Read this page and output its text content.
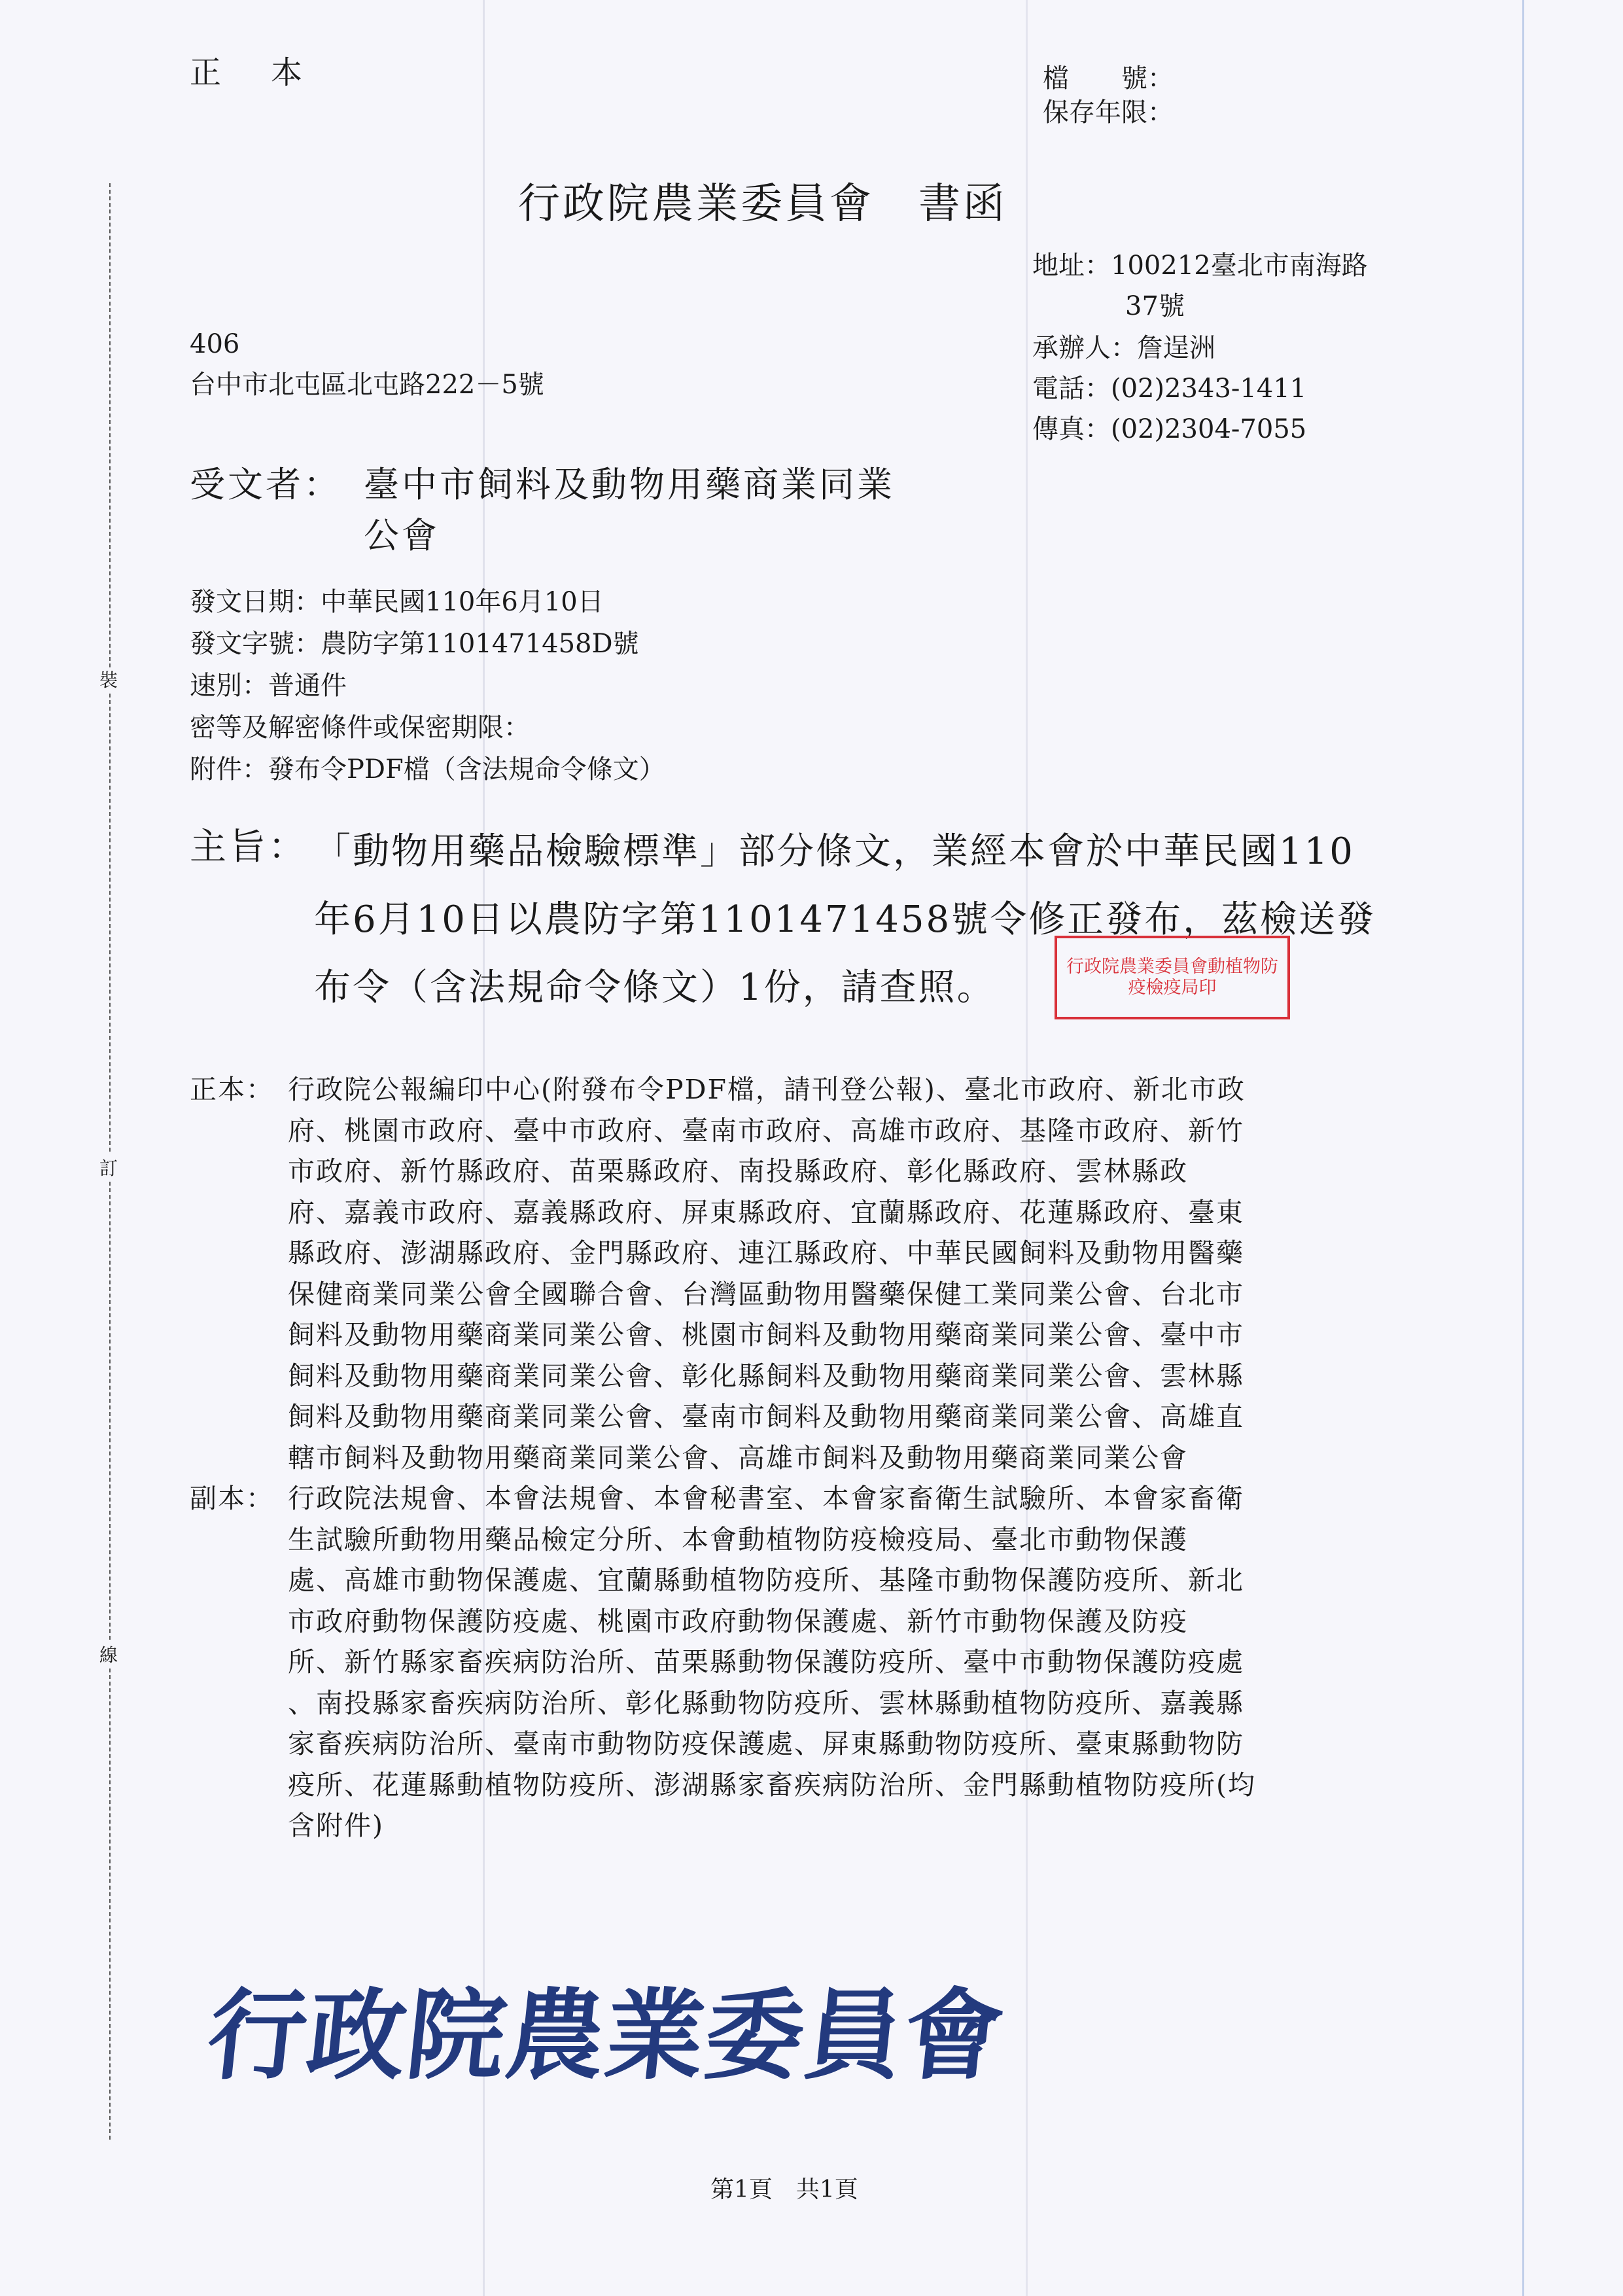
裝
訂
線
正　本	檔　　號：
保存年限：
行政院農業委員會　書函
地址：100212臺北市南海路
37號
承辦人：詹逞洲
電話：(02)2343-1411
傳真：(02)2304-7055
406
台中市北屯區北屯路222－5號
受文者： 臺中市飼料及動物用藥商業同業
公會
發文日期：中華民國110年6月10日
發文字號：農防字第1101471458D號
速別：普通件
密等及解密條件或保密期限：
附件：發布令PDF檔（含法規命令條文）
主旨： 「動物用藥品檢驗標準」部分條文，業經本會於中華民國110
年6月10日以農防字第1101471458號令修正發布，茲檢送發
布令（含法規命令條文）1份，請查照。	行政院農業委員會動植物防疫檢疫局印
正本： 行政院公報編印中心(附發布令PDF檔，請刊登公報)、臺北市政府、新北市政
府、桃園市政府、臺中市政府、臺南市政府、高雄市政府、基隆市政府、新竹
市政府、新竹縣政府、苗栗縣政府、南投縣政府、彰化縣政府、雲林縣政
府、嘉義市政府、嘉義縣政府、屏東縣政府、宜蘭縣政府、花蓮縣政府、臺東
縣政府、澎湖縣政府、金門縣政府、連江縣政府、中華民國飼料及動物用醫藥
保健商業同業公會全國聯合會、台灣區動物用醫藥保健工業同業公會、台北市
飼料及動物用藥商業同業公會、桃園市飼料及動物用藥商業同業公會、臺中市
飼料及動物用藥商業同業公會、彰化縣飼料及動物用藥商業同業公會、雲林縣
飼料及動物用藥商業同業公會、臺南市飼料及動物用藥商業同業公會、高雄直
轄市飼料及動物用藥商業同業公會、高雄市飼料及動物用藥商業同業公會
副本： 行政院法規會、本會法規會、本會秘書室、本會家畜衛生試驗所、本會家畜衛
生試驗所動物用藥品檢定分所、本會動植物防疫檢疫局、臺北市動物保護
處、高雄市動物保護處、宜蘭縣動植物防疫所、基隆市動物保護防疫所、新北
市政府動物保護防疫處、桃園市政府動物保護處、新竹市動物保護及防疫
所、新竹縣家畜疾病防治所、苗栗縣動物保護防疫所、臺中市動物保護防疫處
、南投縣家畜疾病防治所、彰化縣動物防疫所、雲林縣動植物防疫所、嘉義縣
家畜疾病防治所、臺南市動物防疫保護處、屏東縣動物防疫所、臺東縣動物防
疫所、花蓮縣動植物防疫所、澎湖縣家畜疾病防治所、金門縣動植物防疫所(均
含附件)
行政院農業委員會
第1頁　共1頁
